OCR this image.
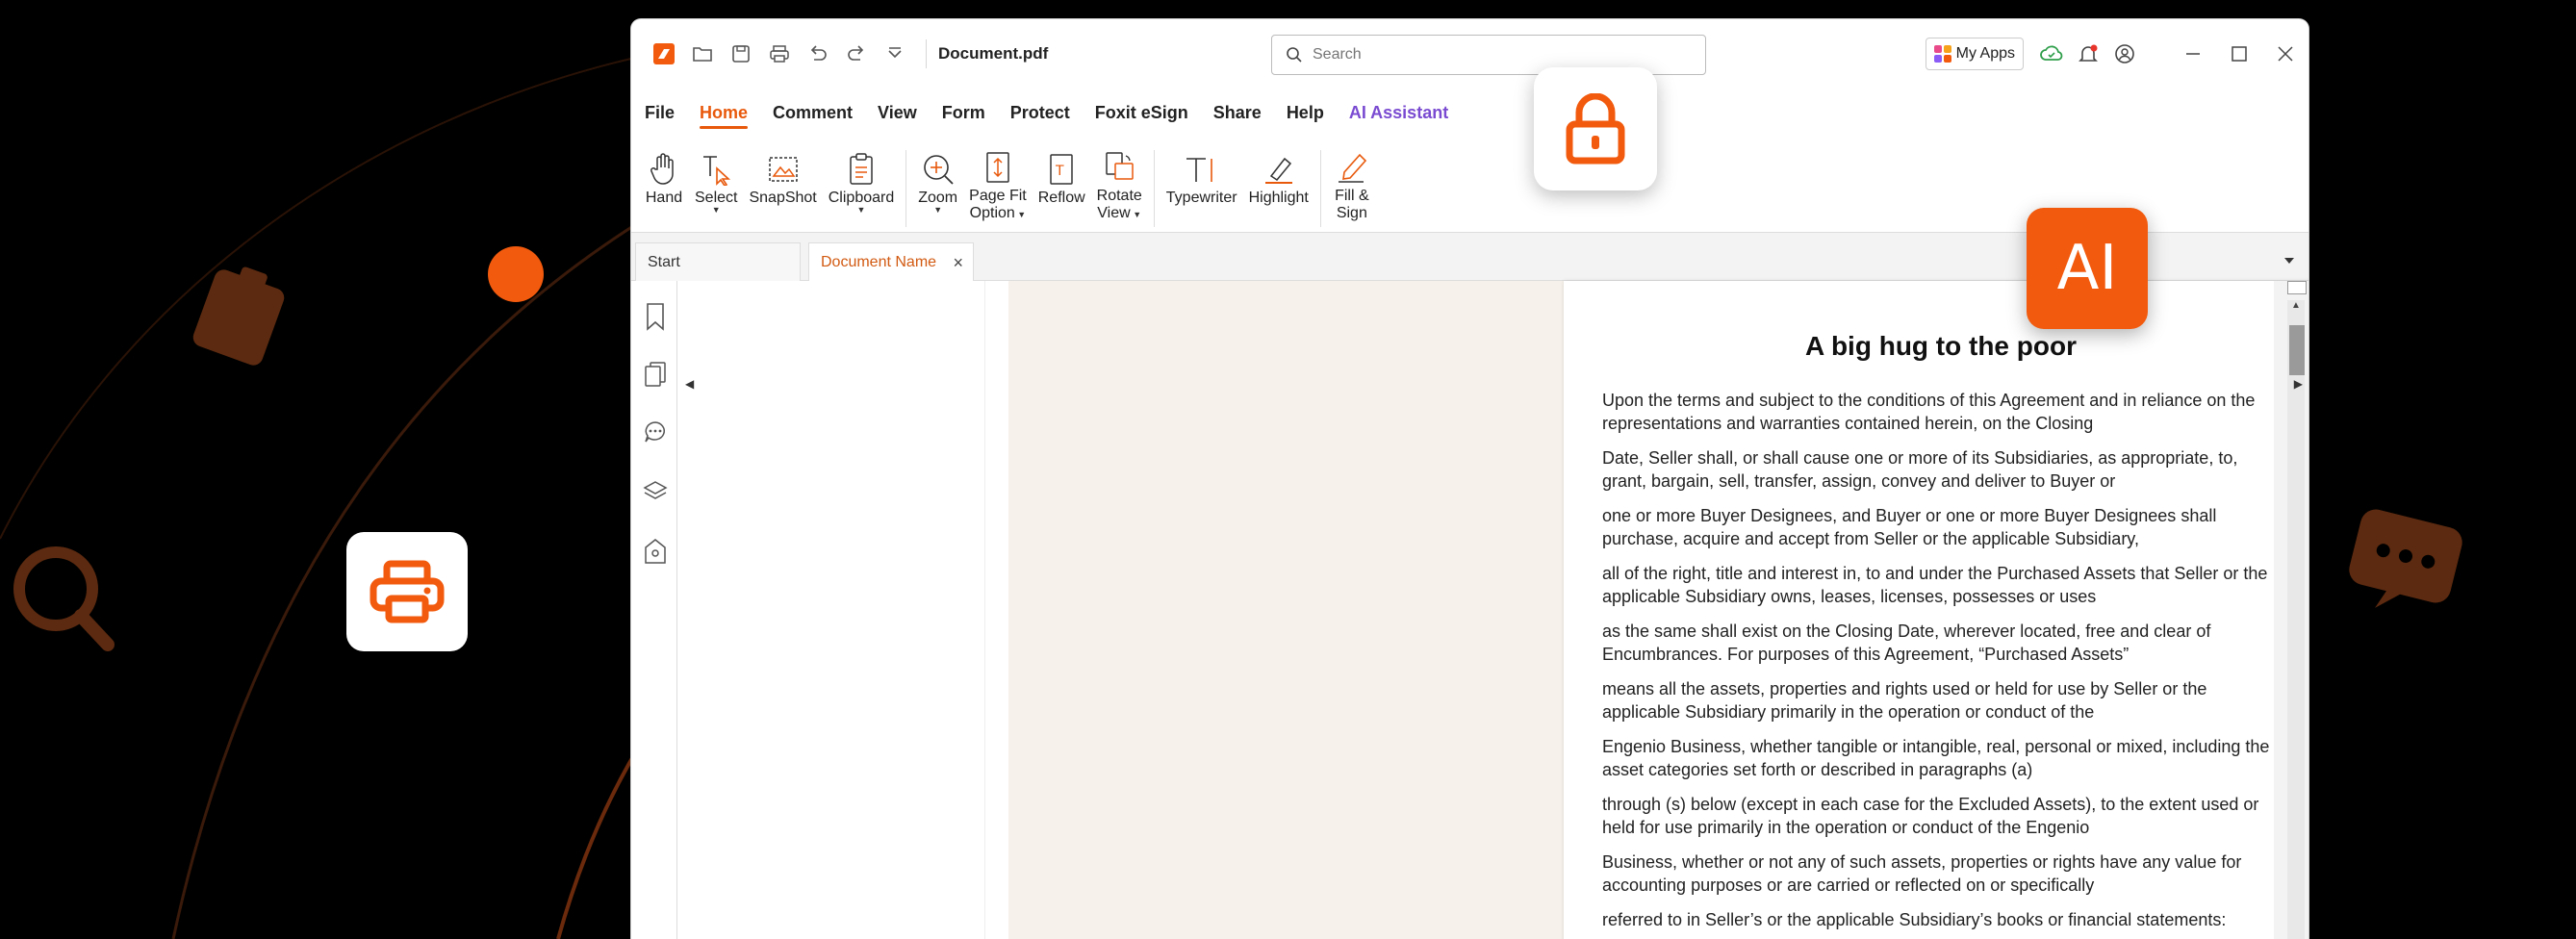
Document.pdf
Search	My Apps
File Home Comment View Form Protect Foxit eSign Share Help AI Assistant
Hand Select
▼
SnapShot Clipboard
▼
Zoom
▼
Page Fit
Option ▼
T
Reflow Rotate
View ▼
Typewriter Highlight Fill &
Sign
Start	Document Name ×
◀
A big hug to the poor

Upon the terms and subject to the conditions of this Agreement and in reliance on the representations and warranties contained herein, on the Closing

Date, Seller shall, or shall cause one or more of its Subsidiaries, as appropriate, to, grant, bargain, sell, transfer, assign, convey and deliver to Buyer or

one or more Buyer Designees, and Buyer or one or more Buyer Designees shall purchase, acquire and accept from Seller or the applicable Subsidiary,

all of the right, title and interest in, to and under the Purchased Assets that Seller or the applicable Subsidiary owns, leases, licenses, possesses or uses

as the same shall exist on the Closing Date, wherever located, free and clear of Encumbrances. For purposes of this Agreement, “Purchased Assets”

means all the assets, properties and rights used or held for use by Seller or the applicable Subsidiary primarily in the operation or conduct of the

Engenio Business, whether tangible or intangible, real, personal or mixed, including the asset categories set forth or described in paragraphs (a)

through (s) below (except in each case for the Excluded Assets), to the extent used or held for use primarily in the operation or conduct of the Engenio

Business, whether or not any of such assets, properties or rights have any value for accounting purposes or are carried or reflected on or specifically

referred to in Seller’s or the applicable Subsidiary’s books or financial statements:

▲
▶
AI
